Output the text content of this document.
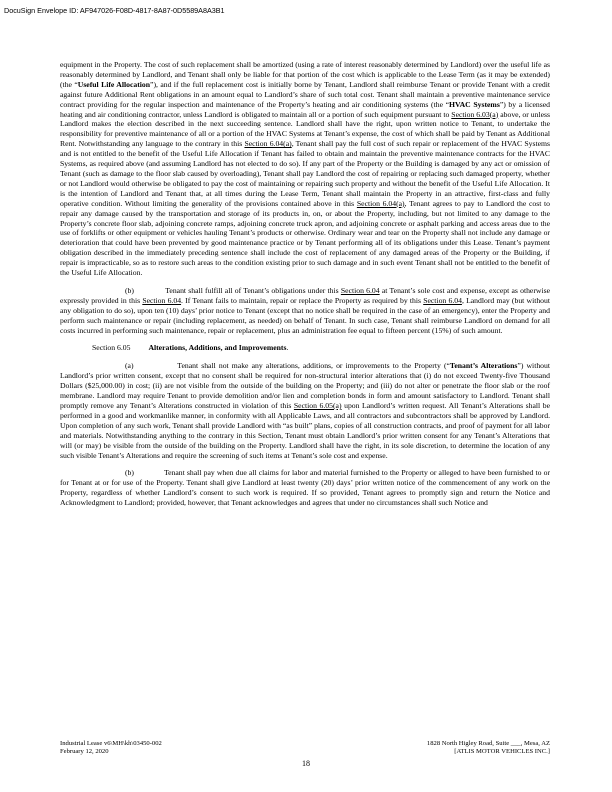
DocuSign Envelope ID: AF947026-F08D-4817-8A87-0D5589A8A3B1

equipment in the Property. The cost of such replacement shall be amortized (using a rate of interest reasonably determined by Landlord) over the useful life as reasonably determined by Landlord, and Tenant shall only be liable for that portion of the cost which is applicable to the Lease Term (as it may be extended) (the “Useful Life Allocation”), and if the full replacement cost is initially borne by Tenant, Landlord shall reimburse Tenant or provide Tenant with a credit against future Additional Rent obligations in an amount equal to Landlord’s share of such total cost. Tenant shall maintain a preventive maintenance service contract providing for the regular inspection and maintenance of the Property’s heating and air conditioning systems (the “HVAC Systems”) by a licensed heating and air conditioning contractor, unless Landlord is obligated to maintain all or a portion of such equipment pursuant to Section 6.03(a) above, or unless Landlord makes the election described in the next succeeding sentence. Landlord shall have the right, upon written notice to Tenant, to undertake the responsibility for preventive maintenance of all or a portion of the HVAC Systems at Tenant’s expense, the cost of which shall be paid by Tenant as Additional Rent. Notwithstanding any language to the contrary in this Section 6.04(a), Tenant shall pay the full cost of such repair or replacement of the HVAC Systems and is not entitled to the benefit of the Useful Life Allocation if Tenant has failed to obtain and maintain the preventive maintenance contracts for the HVAC Systems, as required above (and assuming Landlord has not elected to do so). If any part of the Property or the Building is damaged by any act or omission of Tenant (such as damage to the floor slab caused by overloading), Tenant shall pay Landlord the cost of repairing or replacing such damaged property, whether or not Landlord would otherwise be obligated to pay the cost of maintaining or repairing such property and without the benefit of the Useful Life Allocation. It is the intention of Landlord and Tenant that, at all times during the Lease Term, Tenant shall maintain the Property in an attractive, first-class and fully operative condition. Without limiting the generality of the provisions contained above in this Section 6.04(a), Tenant agrees to pay to Landlord the cost to repair any damage caused by the transportation and storage of its products in, on, or about the Property, including, but not limited to any damage to the Property’s concrete floor slab, adjoining concrete ramps, adjoining concrete truck apron, and adjoining concrete or asphalt parking and access areas due to the use of forklifts or other equipment or vehicles hauling Tenant’s products or otherwise. Ordinary wear and tear on the Property shall not include any damage or deterioration that could have been prevented by good maintenance practice or by Tenant performing all of its obligations under this Lease. Tenant’s payment obligation described in the immediately preceding sentence shall include the cost of replacement of any damaged areas of the Property or the Building, if repair is impracticable, so as to restore such areas to the condition existing prior to such damage and in such event Tenant shall not be entitled to the benefit of the Useful Life Allocation.

(b)	Tenant shall fulfill all of Tenant’s obligations under this Section 6.04 at Tenant’s sole cost and expense, except as otherwise expressly provided in this Section 6.04. If Tenant fails to maintain, repair or replace the Property as required by this Section 6.04, Landlord may (but without any obligation to do so), upon ten (10) days’ prior notice to Tenant (except that no notice shall be required in the case of an emergency), enter the Property and perform such maintenance or repair (including replacement, as needed) on behalf of Tenant. In such case, Tenant shall reimburse Landlord on demand for all costs incurred in performing such maintenance, repair or replacement, plus an administration fee equal to fifteen percent (15%) of such amount.

Section 6.05 Alterations, Additions, and Improvements.

(a)	Tenant shall not make any alterations, additions, or improvements to the Property (“Tenant’s Alterations”) without Landlord’s prior written consent, except that no consent shall be required for non-structural interior alterations that (i) do not exceed Twenty-five Thousand Dollars ($25,000.00) in cost; (ii) are not visible from the outside of the building on the Property; and (iii) do not alter or penetrate the floor slab or the roof membrane. Landlord may require Tenant to provide demolition and/or lien and completion bonds in form and amount satisfactory to Landlord. Tenant shall promptly remove any Tenant’s Alterations constructed in violation of this Section 6.05(a) upon Landlord’s written request. All Tenant’s Alterations shall be performed in a good and workmanlike manner, in conformity with all Applicable Laws, and all contractors and subcontractors shall be approved by Landlord. Upon completion of any such work, Tenant shall provide Landlord with “as built” plans, copies of all construction contracts, and proof of payment for all labor and materials. Notwithstanding anything to the contrary in this Section, Tenant must obtain Landlord’s prior written consent for any Tenant’s Alterations that will (or may) be visible from the outside of the building on the Property. Landlord shall have the right, in its sole discretion, to determine the location of any such visible Tenant’s Alterations and require the screening of such items at Tenant’s sole cost and expense.

(b)	Tenant shall pay when due all claims for labor and material furnished to the Property or alleged to have been furnished to or for Tenant at or for use of the Property. Tenant shall give Landlord at least twenty (20) days’ prior written notice of the commencement of any work on the Property, regardless of whether Landlord’s consent to such work is required. If so provided, Tenant agrees to promptly sign and return the Notice and Acknowledgment to Landlord; provided, however, that Tenant acknowledges and agrees that under no circumstances shall such Notice and

Industrial Lease v6\MH\kh\03450-002
February 12, 2020
1828 North Higley Road, Suite ___, Mesa, AZ
[ATLIS MOTOR VEHICLES INC.]
18
